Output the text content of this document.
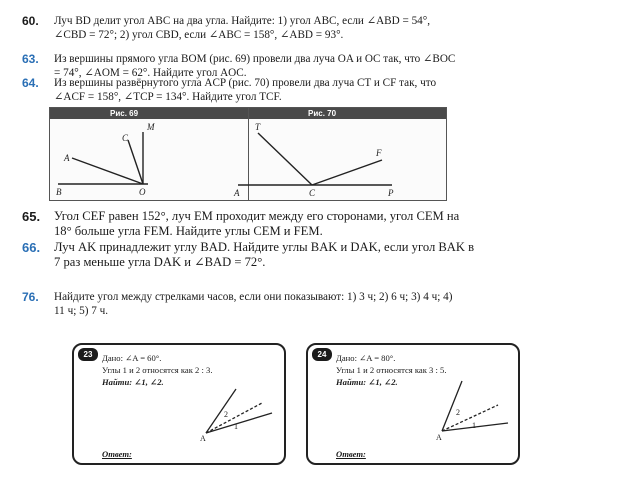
60. Луч BD делит угол ABC на два угла. Найдите: 1) угол ABC, если ∠ABD = 54°, ∠CBD = 72°; 2) угол CBD, если ∠ABC = 158°, ∠ABD = 93°.
63. Из вершины прямого угла BOM (рис. 69) провели два луча OA и OC так, что ∠BOC = 74°, ∠AOM = 62°. Найдите угол AOC.
64. Из вершины развёрнутого угла ACP (рис. 70) провели два луча CT и CF так, что ∠ACF = 158°, ∠TCP = 134°. Найдите угол TCF.
Рис. 69	Рис. 70
C
M
A
B	O
T
F
A	C	P
65. Угол CEF равен 152°, луч EM проходит между его сторонами, угол CEM на 18° больше угла FEM. Найдите углы CEM и FEM.
66. Луч AK принадлежит углу BAD. Найдите углы BAK и DAK, если угол BAK в 7 раз меньше угла DAK и ∠BAD = 72°.
76. Найдите угол между стрелками часов, если они показывают: 1) 3 ч; 2) 6 ч; 3) 4 ч; 4) 11 ч; 5) 7 ч.
23	Дано: ∠A = 60°.
Углы 1 и 2 относятся как 2 : 3.
Найти: ∠1, ∠2.
A
1
2
Ответ:
24	Дано: ∠A = 80°.
Углы 1 и 2 относятся как 3 : 5.
Найти: ∠1, ∠2.
A
1
2
Ответ:
